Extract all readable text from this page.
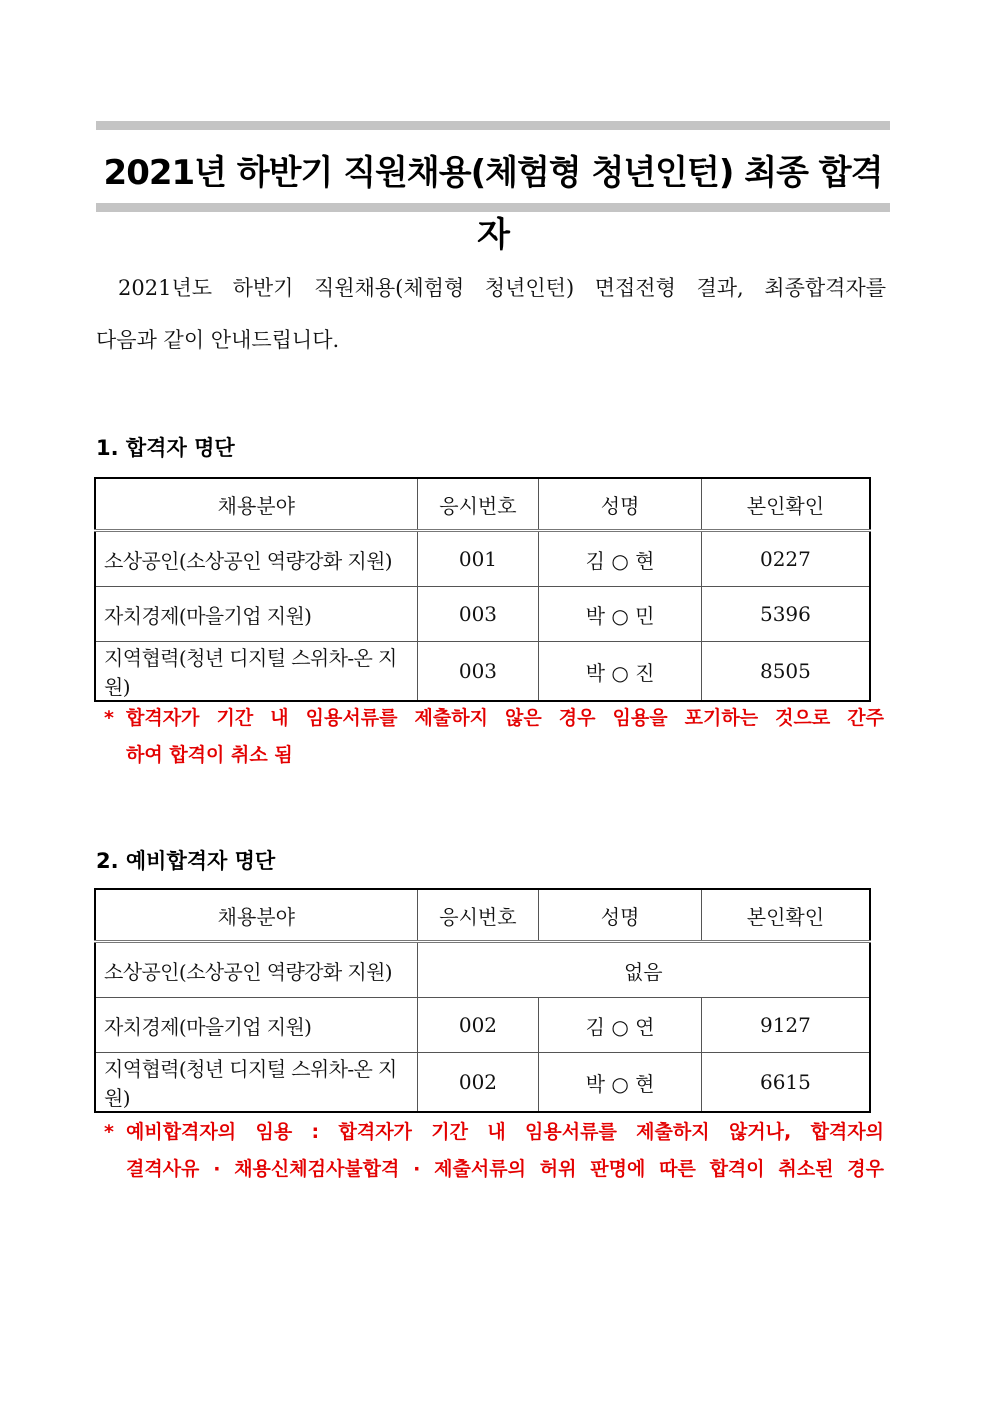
2021년 하반기 직원채용(체험형 청년인턴) 최종 합격자
2021년도 하반기 직원채용(체험형 청년인턴) 면접전형 결과, 최종합격자를
다음과 같이 안내드립니다.
1. 합격자 명단
채용분야	응시번호	성명	본인확인
소상공인(소상공인 역량강화 지원)	001	김 ○ 현	0227
자치경제(마을기업 지원)	003	박 ○ 민	5396
지역협력(청년 디지털 스위차-온 지원)	003	박 ○ 진	8505
* 합격자가 기간 내 임용서류를 제출하지 않은 경우 임용을 포기하는 것으로 간주
하여 합격이 취소 됨
2. 예비합격자 명단
채용분야	응시번호	성명	본인확인
소상공인(소상공인 역량강화 지원)	없음		
자치경제(마을기업 지원)	002	김 ○ 연	9127
지역협력(청년 디지털 스위차-온 지원)	002	박 ○ 현	6615
* 예비합격자의 임용 : 합격자가 기간 내 임용서류를 제출하지 않거나, 합격자의
결격사유 · 채용신체검사불합격 · 제출서류의 허위 판명에 따른 합격이 취소된 경우
